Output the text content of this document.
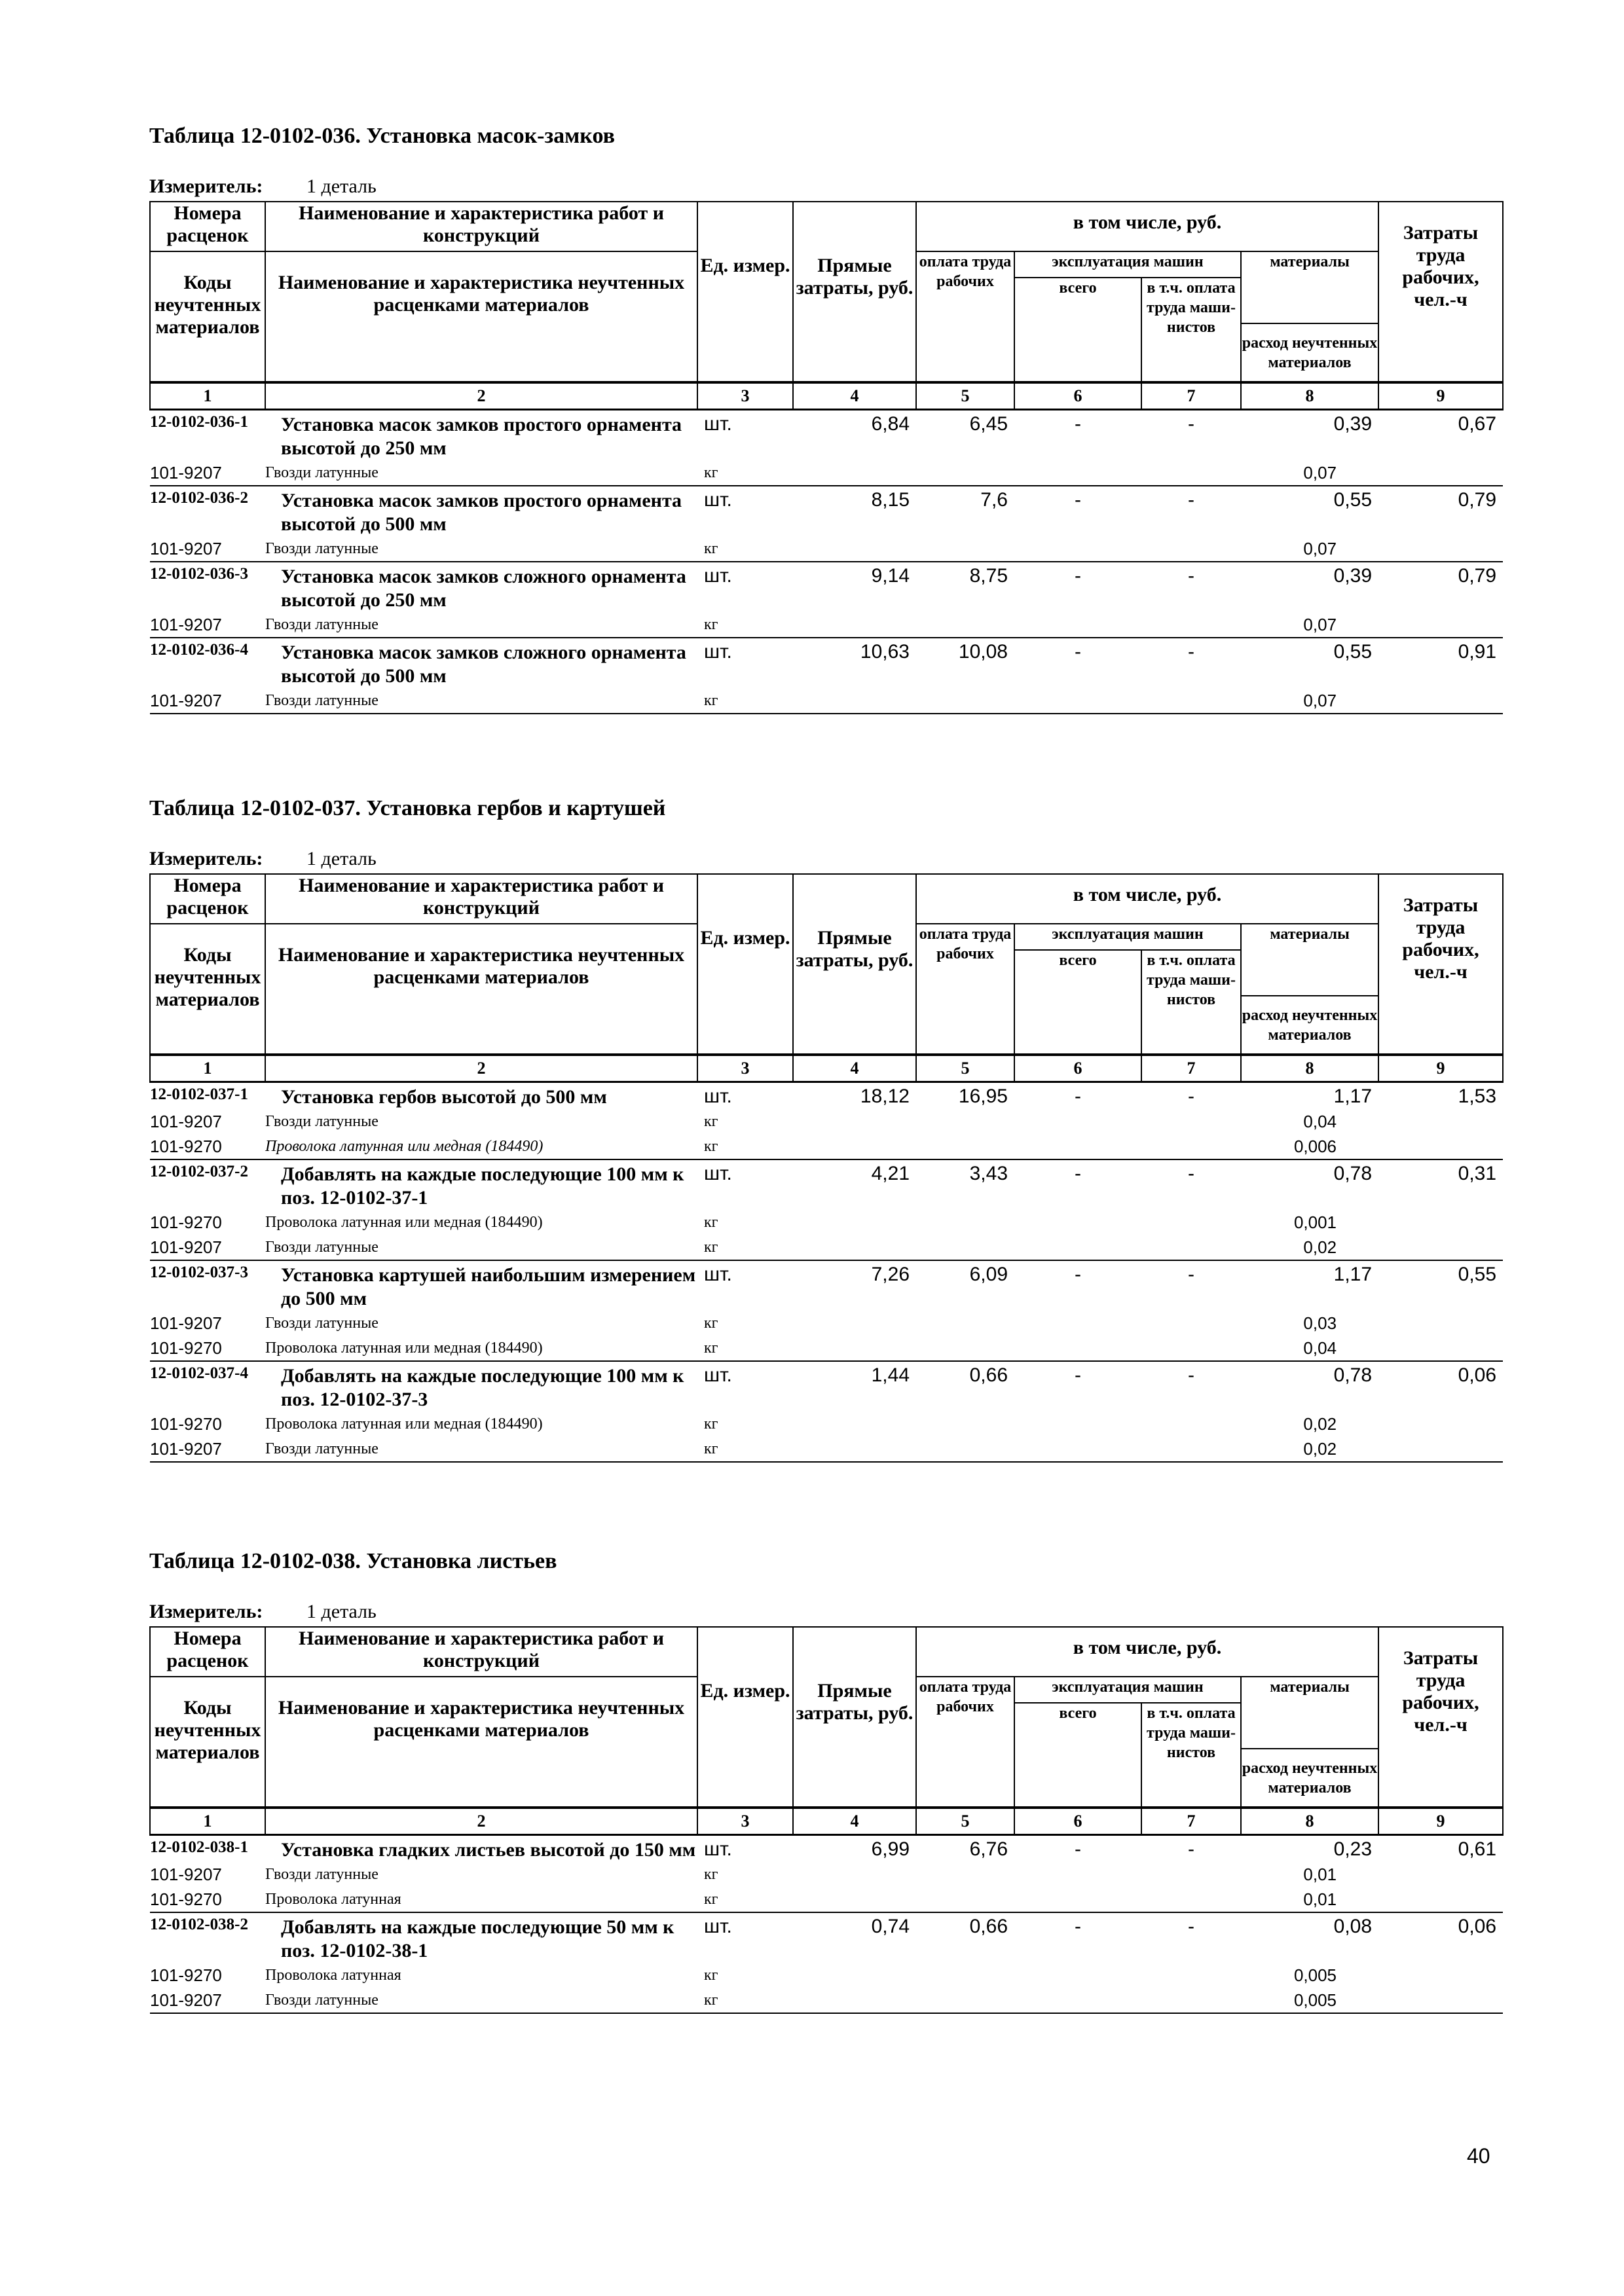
Таблица 12-0102-036. Установка масок-замков
Измеритель: 1 деталь
Номера расценок	Наименование и характеристика работ и конструкций	Ед. измер.	Прямые затраты, руб.	в том числе, руб.				Затраты труда рабочих, чел.-ч
Коды неучтенных материалов	Наименование и характеристика неучтенных расценками материалов			оплата труда рабочих	эксплуатация машин		материалы	
					всего	в т.ч. оплата труда маши-нистов		
							расход неучтенных материалов	
1	2	3	4	5	6	7	8	9
12-0102-036-1	Установка масок замков простого орнамента высотой до 250 мм	шт.	6,84	6,45	-	-	0,39	0,67
101-9207	Гвозди латунные	кг					0,07	
12-0102-036-2	Установка масок замков простого орнамента высотой до 500 мм	шт.	8,15	7,6	-	-	0,55	0,79
101-9207	Гвозди латунные	кг					0,07	
12-0102-036-3	Установка масок замков сложного орнамента высотой до 250 мм	шт.	9,14	8,75	-	-	0,39	0,79
101-9207	Гвозди латунные	кг					0,07	
12-0102-036-4	Установка масок замков сложного орнамента высотой до 500 мм	шт.	10,63	10,08	-	-	0,55	0,91
101-9207	Гвозди латунные	кг					0,07	
Таблица 12-0102-037. Установка гербов и картушей
Измеритель: 1 деталь
Номера расценок	Наименование и характеристика работ и конструкций	Ед. измер.	Прямые затраты, руб.	в том числе, руб.				Затраты труда рабочих, чел.-ч
Коды неучтенных материалов	Наименование и характеристика неучтенных расценками материалов			оплата труда рабочих	эксплуатация машин		материалы	
					всего	в т.ч. оплата труда маши-нистов		
							расход неучтенных материалов	
1	2	3	4	5	6	7	8	9
12-0102-037-1	Установка гербов высотой до 500 мм	шт.	18,12	16,95	-	-	1,17	1,53
101-9207	Гвозди латунные	кг					0,04	
101-9270	Проволока латунная или медная (184490)	кг					0,006	
12-0102-037-2	Добавлять на каждые последующие 100 мм к поз. 12-0102-37-1	шт.	4,21	3,43	-	-	0,78	0,31
101-9270	Проволока латунная или медная (184490)	кг					0,001	
101-9207	Гвозди латунные	кг					0,02	
12-0102-037-3	Установка картушей наибольшим измерением до 500 мм	шт.	7,26	6,09	-	-	1,17	0,55
101-9207	Гвозди латунные	кг					0,03	
101-9270	Проволока латунная или медная (184490)	кг					0,04	
12-0102-037-4	Добавлять на каждые последующие 100 мм к поз. 12-0102-37-3	шт.	1,44	0,66	-	-	0,78	0,06
101-9270	Проволока латунная или медная (184490)	кг					0,02	
101-9207	Гвозди латунные	кг					0,02	
Таблица 12-0102-038. Установка листьев
Измеритель: 1 деталь
Номера расценок	Наименование и характеристика работ и конструкций	Ед. измер.	Прямые затраты, руб.	в том числе, руб.				Затраты труда рабочих, чел.-ч
Коды неучтенных материалов	Наименование и характеристика неучтенных расценками материалов			оплата труда рабочих	эксплуатация машин		материалы	
					всего	в т.ч. оплата труда маши-нистов		
							расход неучтенных материалов	
1	2	3	4	5	6	7	8	9
12-0102-038-1	Установка гладких листьев высотой до 150 мм	шт.	6,99	6,76	-	-	0,23	0,61
101-9207	Гвозди латунные	кг					0,01	
101-9270	Проволока латунная	кг					0,01	
12-0102-038-2	Добавлять на каждые последующие 50 мм к поз. 12-0102-38-1	шт.	0,74	0,66	-	-	0,08	0,06
101-9270	Проволока латунная	кг					0,005	
101-9207	Гвозди латунные	кг					0,005	
40
